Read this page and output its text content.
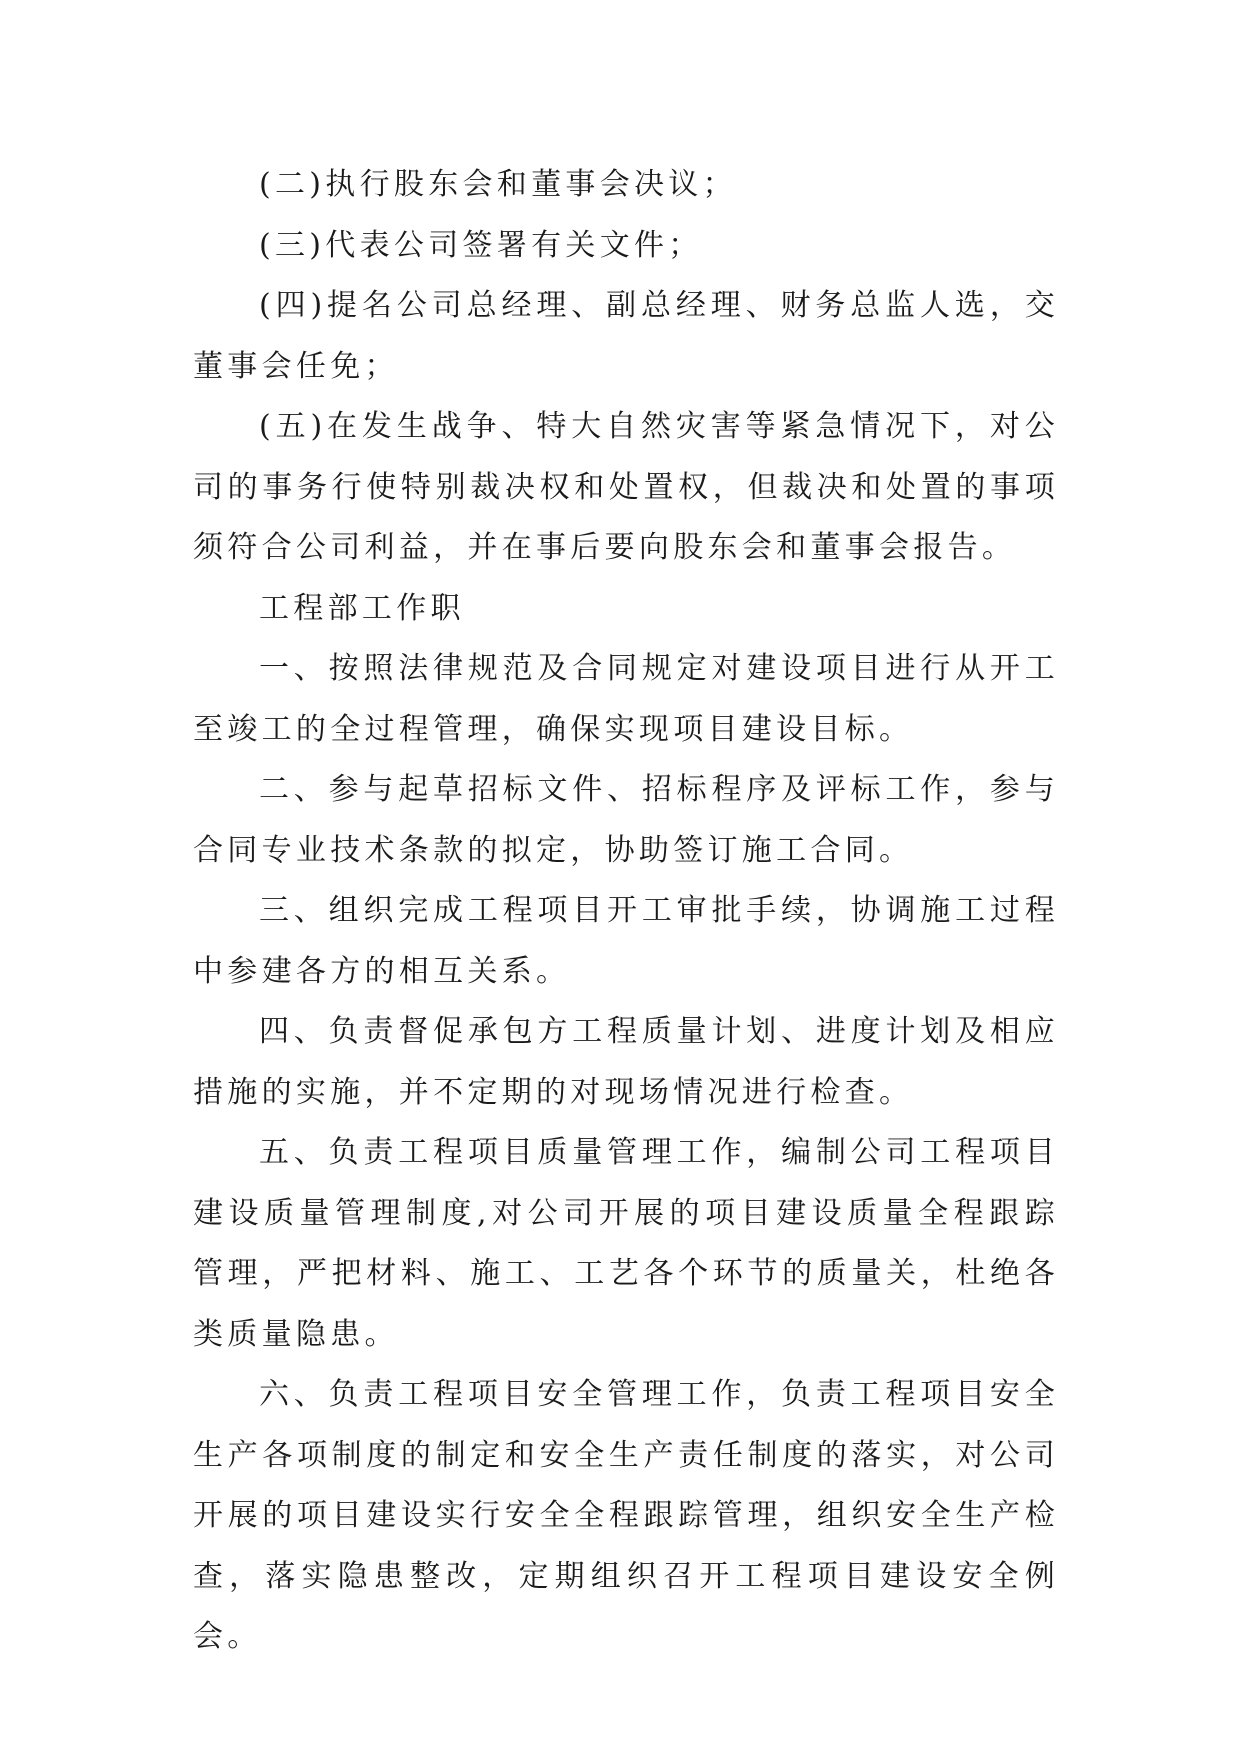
(二)执行股东会和董事会决议；

(三)代表公司签署有关文件；

(四)提名公司总经理、副总经理、财务总监人选，交董事会任免；

(五)在发生战争、特大自然灾害等紧急情况下，对公司的事务行使特别裁决权和处置权，但裁决和处置的事项须符合公司利益，并在事后要向股东会和董事会报告。

工程部工作职

一、按照法律规范及合同规定对建设项目进行从开工至竣工的全过程管理，确保实现项目建设目标。

二、参与起草招标文件、招标程序及评标工作，参与合同专业技术条款的拟定，协助签订施工合同。

三、组织完成工程项目开工审批手续，协调施工过程中参建各方的相互关系。

四、负责督促承包方工程质量计划、进度计划及相应措施的实施，并不定期的对现场情况进行检查。

五、负责工程项目质量管理工作，编制公司工程项目建设质量管理制度,对公司开展的项目建设质量全程跟踪管理，严把材料、施工、工艺各个环节的质量关，杜绝各类质量隐患。

六、负责工程项目安全管理工作，负责工程项目安全生产各项制度的制定和安全生产责任制度的落实，对公司开展的项目建设实行安全全程跟踪管理，组织安全生产检查，落实隐患整改，定期组织召开工程项目建设安全例会。
